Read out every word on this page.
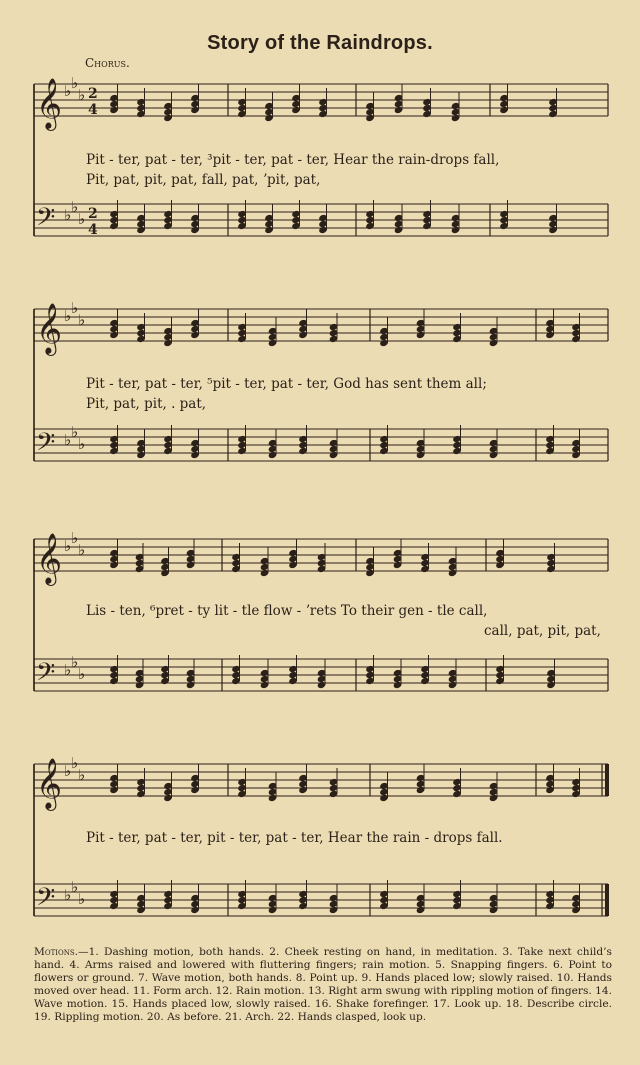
Story of the Raindrops.
Chorus.
𝄞 ♭ ♭
♭ 2
4
𝄢 ♭ ♭
♭ 2
4
Pit - ter, pat - ter, ³pit - ter, pat - ter, Hear the rain-drops fall,
Pit, pat, pit, pat, fall, pat, ʼpit, pat,
𝄞 ♭ ♭
♭
𝄢 ♭ ♭
♭
Pit - ter, pat - ter, ⁵pit - ter, pat - ter, God has sent them all;
Pit, pat, pit, . pat,
𝄞 ♭ ♭
♭
𝄢 ♭ ♭
♭
Lis - ten, ⁶pret - ty lit - tle flow - ʼrets To their gen - tle call,
call, pat, pit, pat,
𝄞 ♭ ♭
♭
𝄢 ♭ ♭
♭
Pit - ter, pat - ter, pit - ter, pat - ter, Hear the rain - drops fall.
Motions.—1. Dashing motion, both hands. 2. Cheek resting on hand, in meditation. 3. Take next child’s hand. 4. Arms raised and lowered with fluttering fingers; rain motion. 5. Snapping fingers. 6. Point to flowers or ground. 7. Wave motion, both hands. 8. Point up. 9. Hands placed low; slowly raised. 10. Hands moved over head. 11. Form arch. 12. Rain motion. 13. Right arm swung with rippling motion of fingers. 14. Wave motion. 15. Hands placed low, slowly raised. 16. Shake forefinger. 17. Look up. 18. Describe circle. 19. Rippling motion. 20. As before. 21. Arch. 22. Hands clasped, look up.
